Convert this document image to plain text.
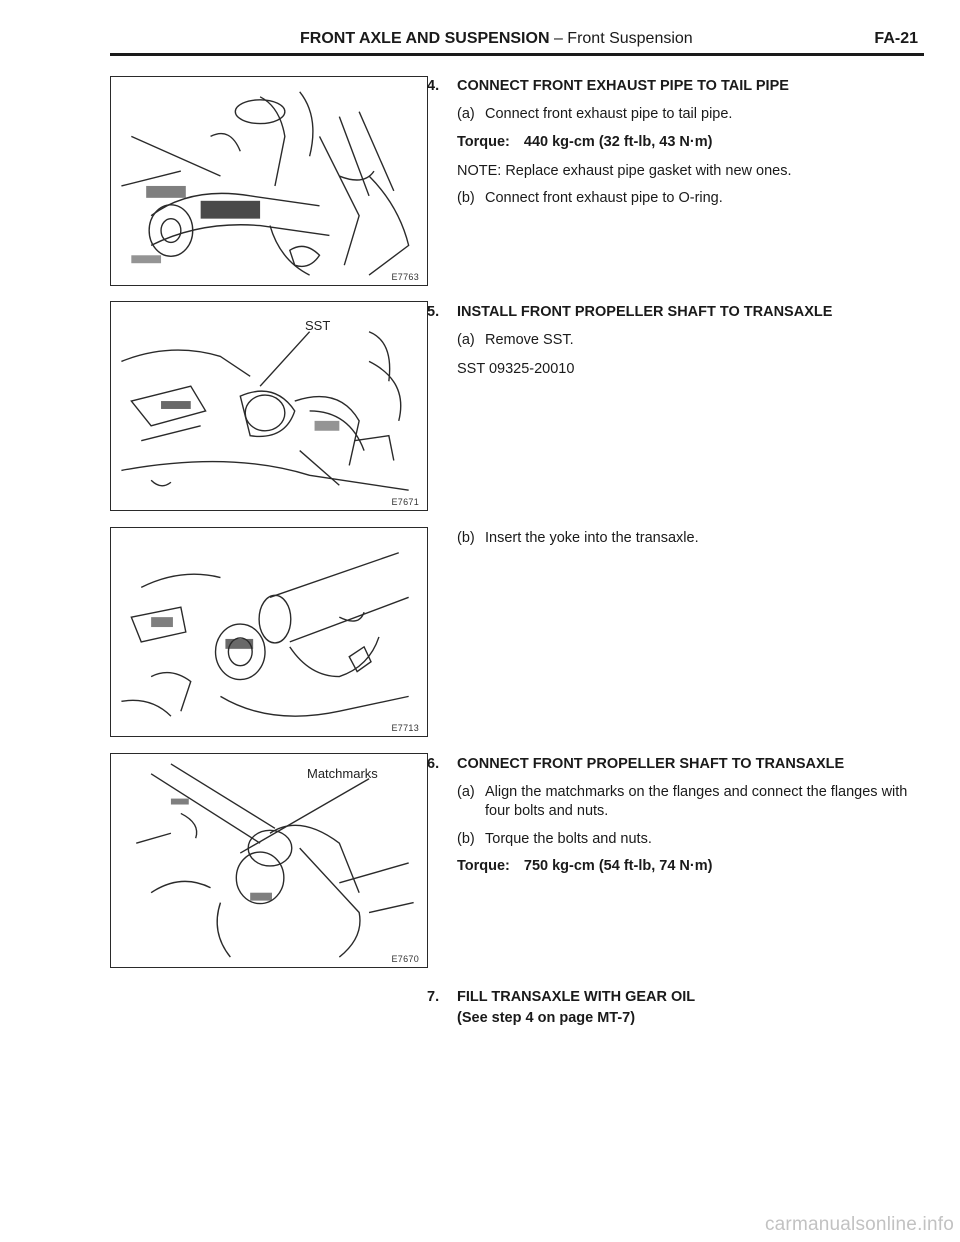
FRONT AXLE AND SUSPENSION – Front Suspension	FA-21
E7763
SST
E7671
E7713
Matchmarks
E7670
4.	CONNECT FRONT EXHAUST PIPE TO TAIL PIPE
(a) Connect front exhaust pipe to tail pipe.
Torque: 440 kg-cm (32 ft-lb, 43 N·m)
NOTE: Replace exhaust pipe gasket with new ones.
(b) Connect front exhaust pipe to O-ring.
5.	INSTALL FRONT PROPELLER SHAFT TO TRANSAXLE
(a) Remove SST.
SST 09325-20010
(b) Insert the yoke into the transaxle.
6.	CONNECT FRONT PROPELLER SHAFT TO TRANSAXLE
(a) Align the matchmarks on the flanges and connect the flanges with four bolts and nuts.
(b) Torque the bolts and nuts.
Torque: 750 kg-cm (54 ft-lb, 74 N·m)
7.	FILL TRANSAXLE WITH GEAR OIL
(See step 4 on page MT-7)
carmanualsonline.info
